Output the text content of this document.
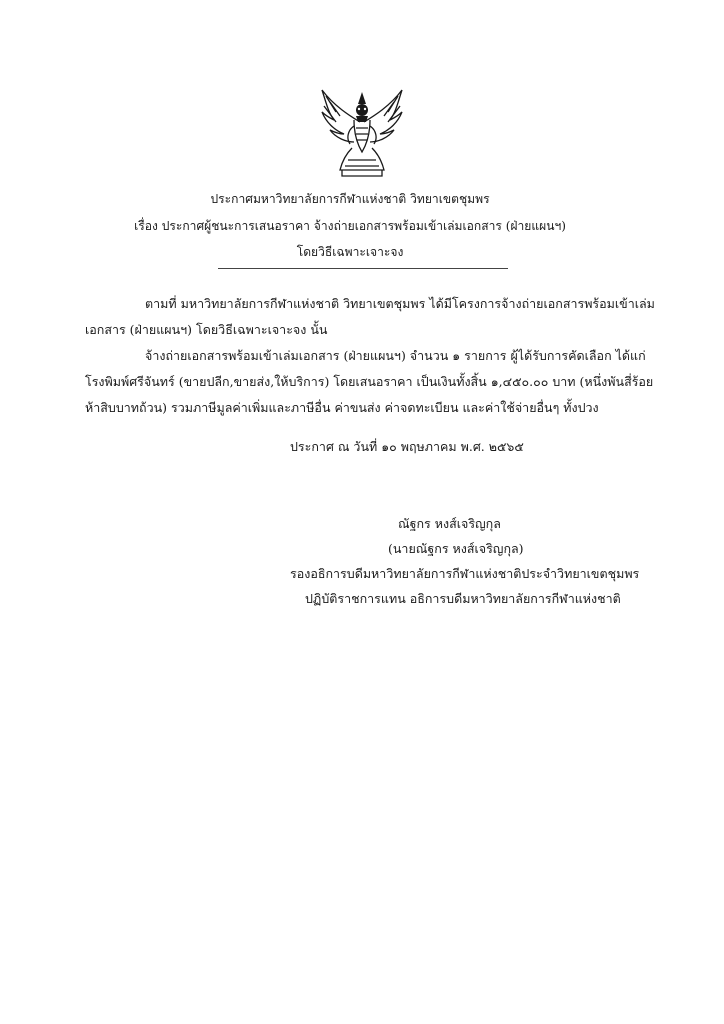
ประกาศมหาวิทยาลัยการกีฬาแห่งชาติ วิทยาเขตชุมพร
เรื่อง ประกาศผู้ชนะการเสนอราคา จ้างถ่ายเอกสารพร้อมเข้าเล่มเอกสาร (ฝ่ายแผนฯ)
โดยวิธีเฉพาะเจาะจง
ตามที่ มหาวิทยาลัยการกีฬาแห่งชาติ วิทยาเขตชุมพร ได้มีโครงการจ้างถ่ายเอกสารพร้อมเข้าเล่ม
เอกสาร (ฝ่ายแผนฯ) โดยวิธีเฉพาะเจาะจง นั้น
จ้างถ่ายเอกสารพร้อมเข้าเล่มเอกสาร (ฝ่ายแผนฯ) จำนวน ๑ รายการ ผู้ได้รับการคัดเลือก ได้แก่
โรงพิมพ์ศรีจันทร์ (ขายปลีก,ขายส่ง,ให้บริการ) โดยเสนอราคา เป็นเงินทั้งสิ้น ๑,๔๕๐.๐๐ บาท (หนึ่งพันสี่ร้อย
ห้าสิบบาทถ้วน) รวมภาษีมูลค่าเพิ่มและภาษีอื่น ค่าขนส่ง ค่าจดทะเบียน และค่าใช้จ่ายอื่นๆ ทั้งปวง
ประกาศ ณ วันที่ ๑๐ พฤษภาคม พ.ศ. ๒๕๖๕
ณัฐกร หงส์เจริญกุล
(นายณัฐกร หงส์เจริญกุล)
รองอธิการบดีมหาวิทยาลัยการกีฬาแห่งชาติประจำวิทยาเขตชุมพร
ปฏิบัติราชการแทน อธิการบดีมหาวิทยาลัยการกีฬาแห่งชาติ
